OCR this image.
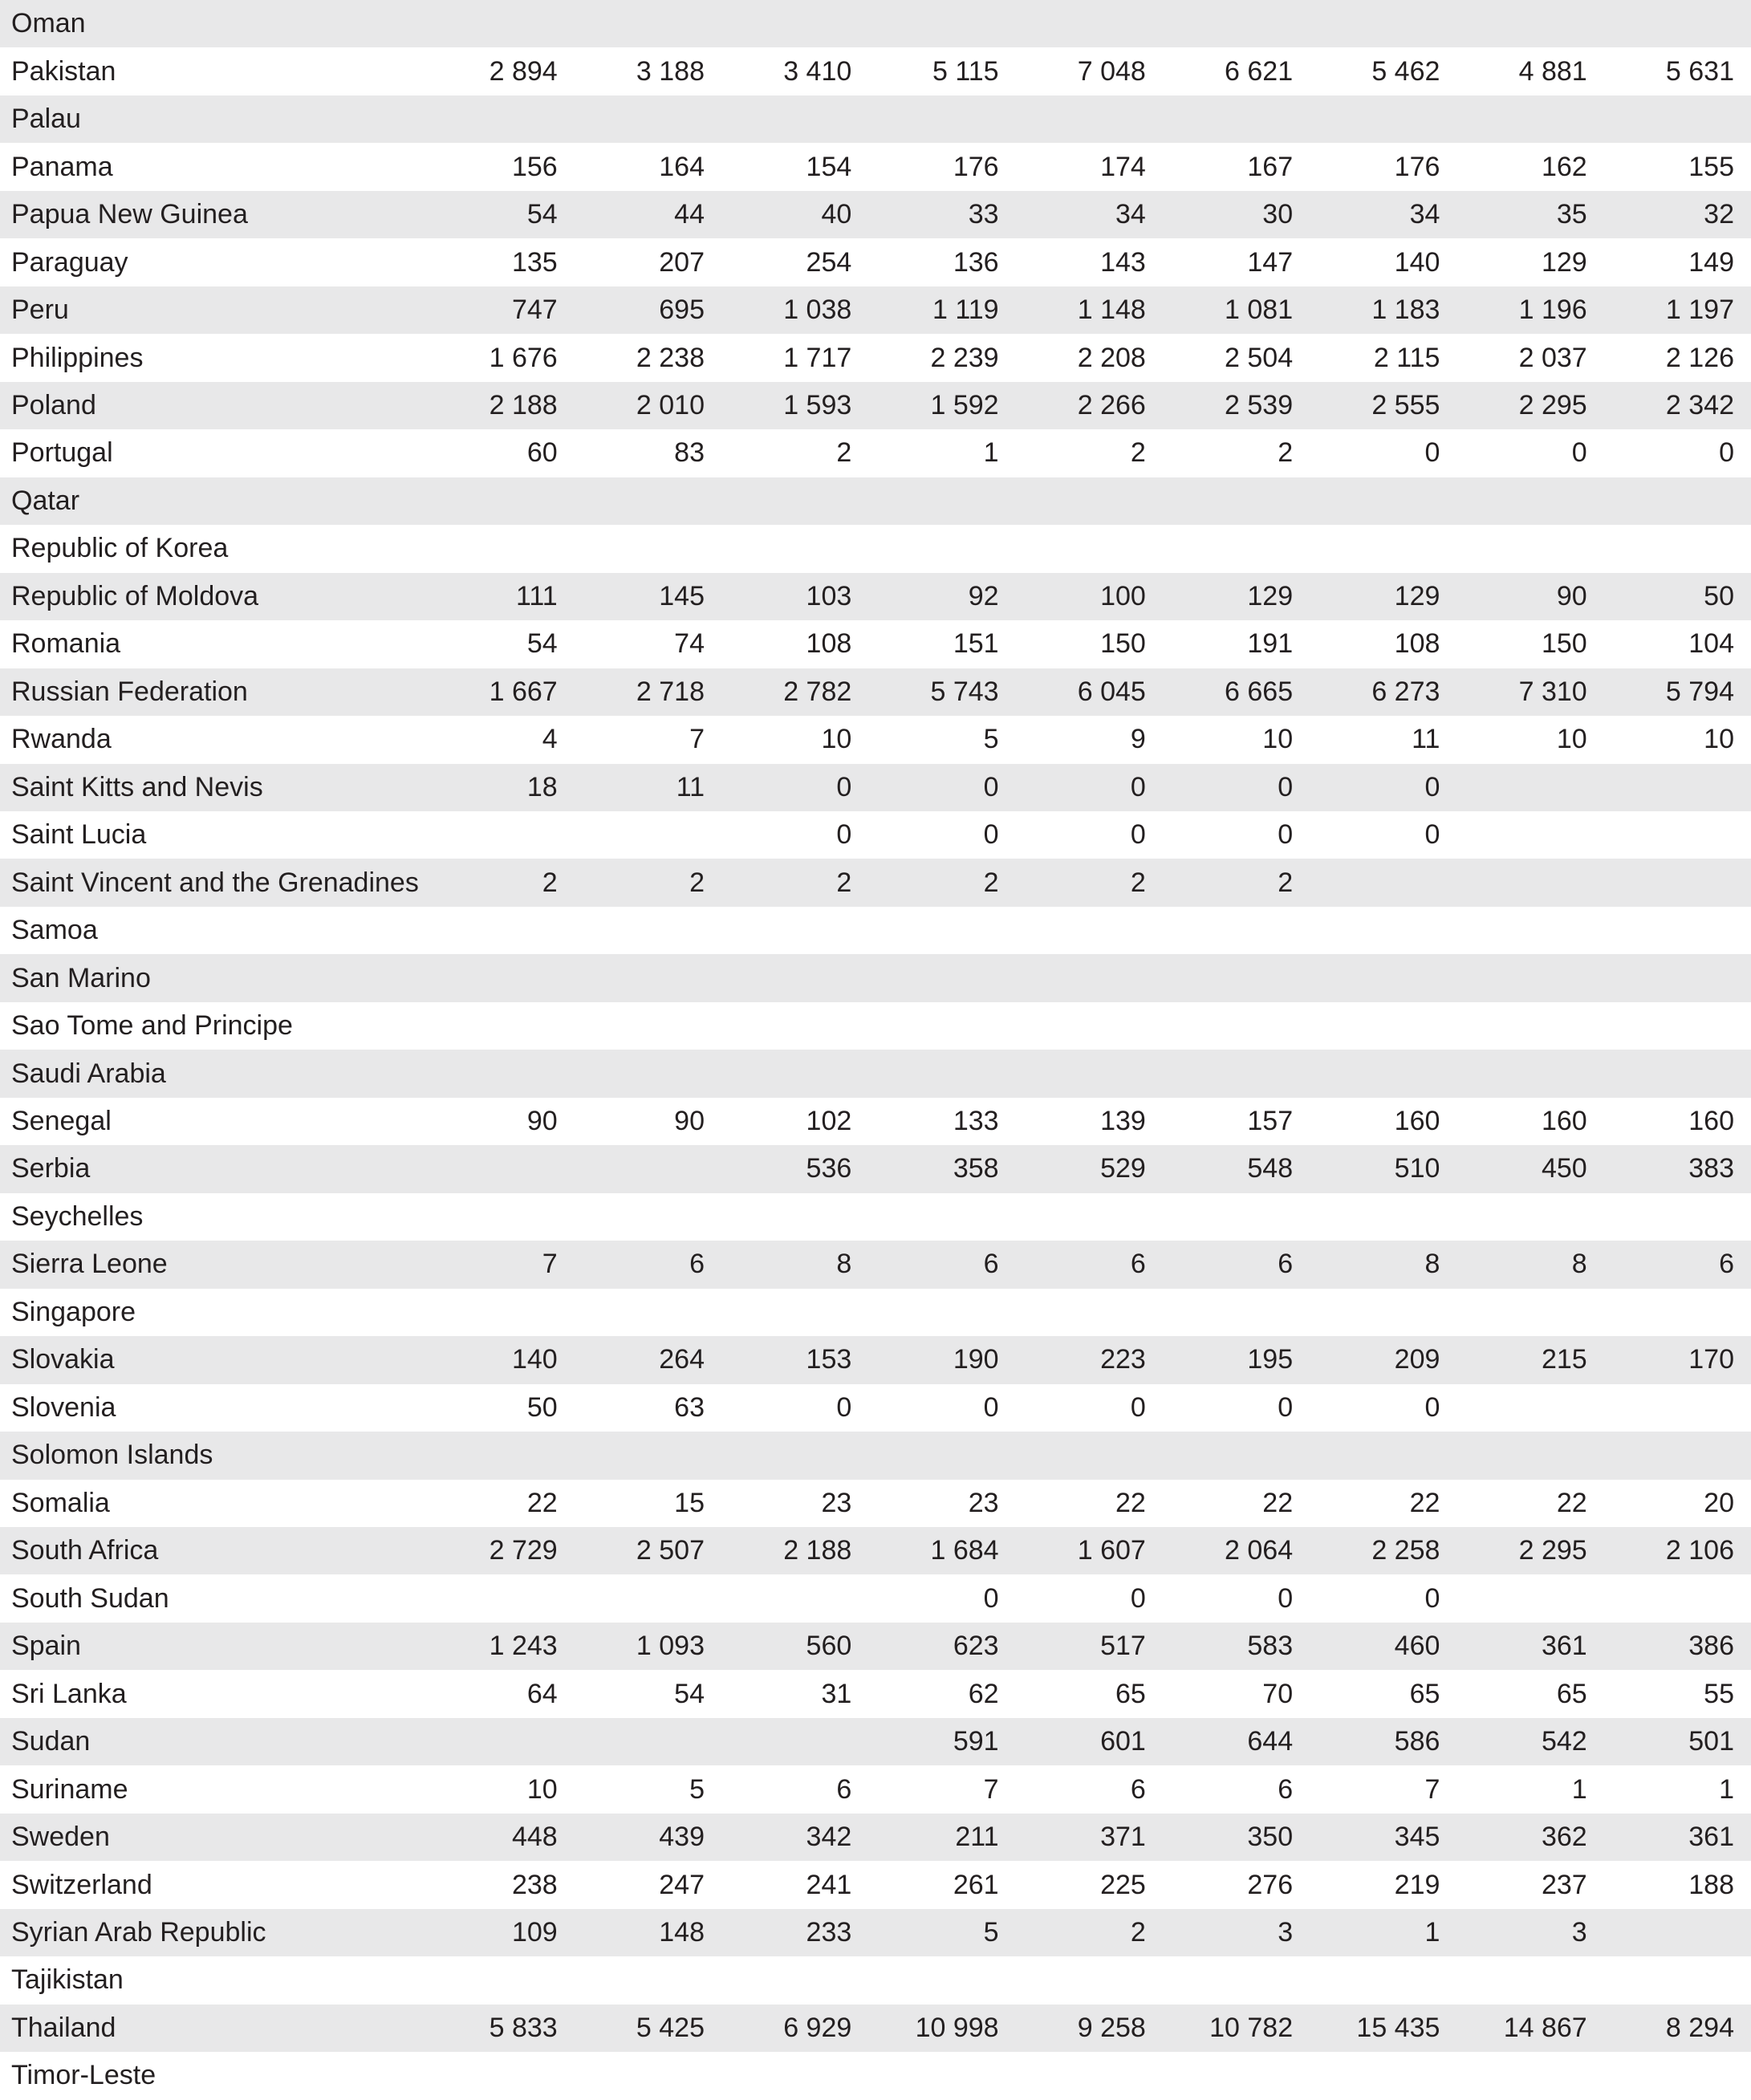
Oman									
Pakistan	2 894	3 188	3 410	5 115	7 048	6 621	5 462	4 881	5 631
Palau									
Panama	156	164	154	176	174	167	176	162	155
Papua New Guinea	54	44	40	33	34	30	34	35	32
Paraguay	135	207	254	136	143	147	140	129	149
Peru	747	695	1 038	1 119	1 148	1 081	1 183	1 196	1 197
Philippines	1 676	2 238	1 717	2 239	2 208	2 504	2 115	2 037	2 126
Poland	2 188	2 010	1 593	1 592	2 266	2 539	2 555	2 295	2 342
Portugal	60	83	2	1	2	2	0	0	0
Qatar									
Republic of Korea									
Republic of Moldova	111	145	103	92	100	129	129	90	50
Romania	54	74	108	151	150	191	108	150	104
Russian Federation	1 667	2 718	2 782	5 743	6 045	6 665	6 273	7 310	5 794
Rwanda	4	7	10	5	9	10	11	10	10
Saint Kitts and Nevis	18	11	0	0	0	0	0		
Saint Lucia			0	0	0	0	0		
Saint Vincent and the Grenadines	2	2	2	2	2	2			
Samoa									
San Marino									
Sao Tome and Principe									
Saudi Arabia									
Senegal	90	90	102	133	139	157	160	160	160
Serbia			536	358	529	548	510	450	383
Seychelles									
Sierra Leone	7	6	8	6	6	6	8	8	6
Singapore									
Slovakia	140	264	153	190	223	195	209	215	170
Slovenia	50	63	0	0	0	0	0		
Solomon Islands									
Somalia	22	15	23	23	22	22	22	22	20
South Africa	2 729	2 507	2 188	1 684	1 607	2 064	2 258	2 295	2 106
South Sudan				0	0	0	0		
Spain	1 243	1 093	560	623	517	583	460	361	386
Sri Lanka	64	54	31	62	65	70	65	65	55
Sudan				591	601	644	586	542	501
Suriname	10	5	6	7	6	6	7	1	1
Sweden	448	439	342	211	371	350	345	362	361
Switzerland	238	247	241	261	225	276	219	237	188
Syrian Arab Republic	109	148	233	5	2	3	1	3	
Tajikistan									
Thailand	5 833	5 425	6 929	10 998	9 258	10 782	15 435	14 867	8 294
Timor-Leste									
